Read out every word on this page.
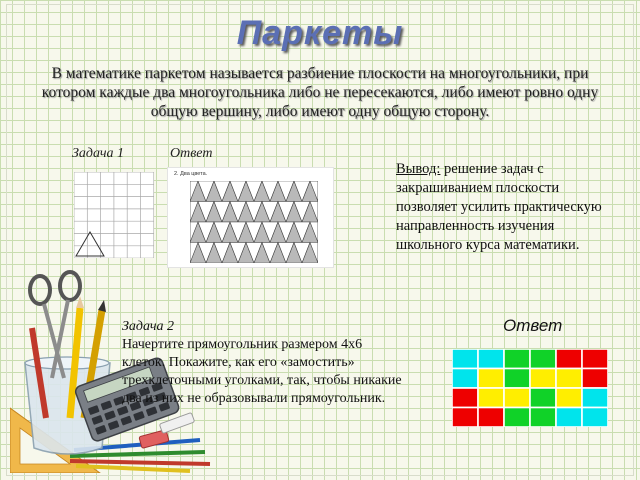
Паркеты
В математике паркетом называется разбиение плоскости на многоугольники, при котором каждые два многоугольника либо не пересекаются, либо имеют ровно одну общую вершину, либо имеют одну общую сторону.
Задача 1	Ответ
2. Два цвета.	Вывод: решение задач с закрашиванием плоскости позволяет усилить практическую направленность изучения школьного курса математики.
Задача 2
Начертите прямоугольник размером 4х6 клеток. Покажите, как его «замостить» трехклеточными уголками, так, чтобы никакие два из них не образовывали прямоугольник.
Ответ
